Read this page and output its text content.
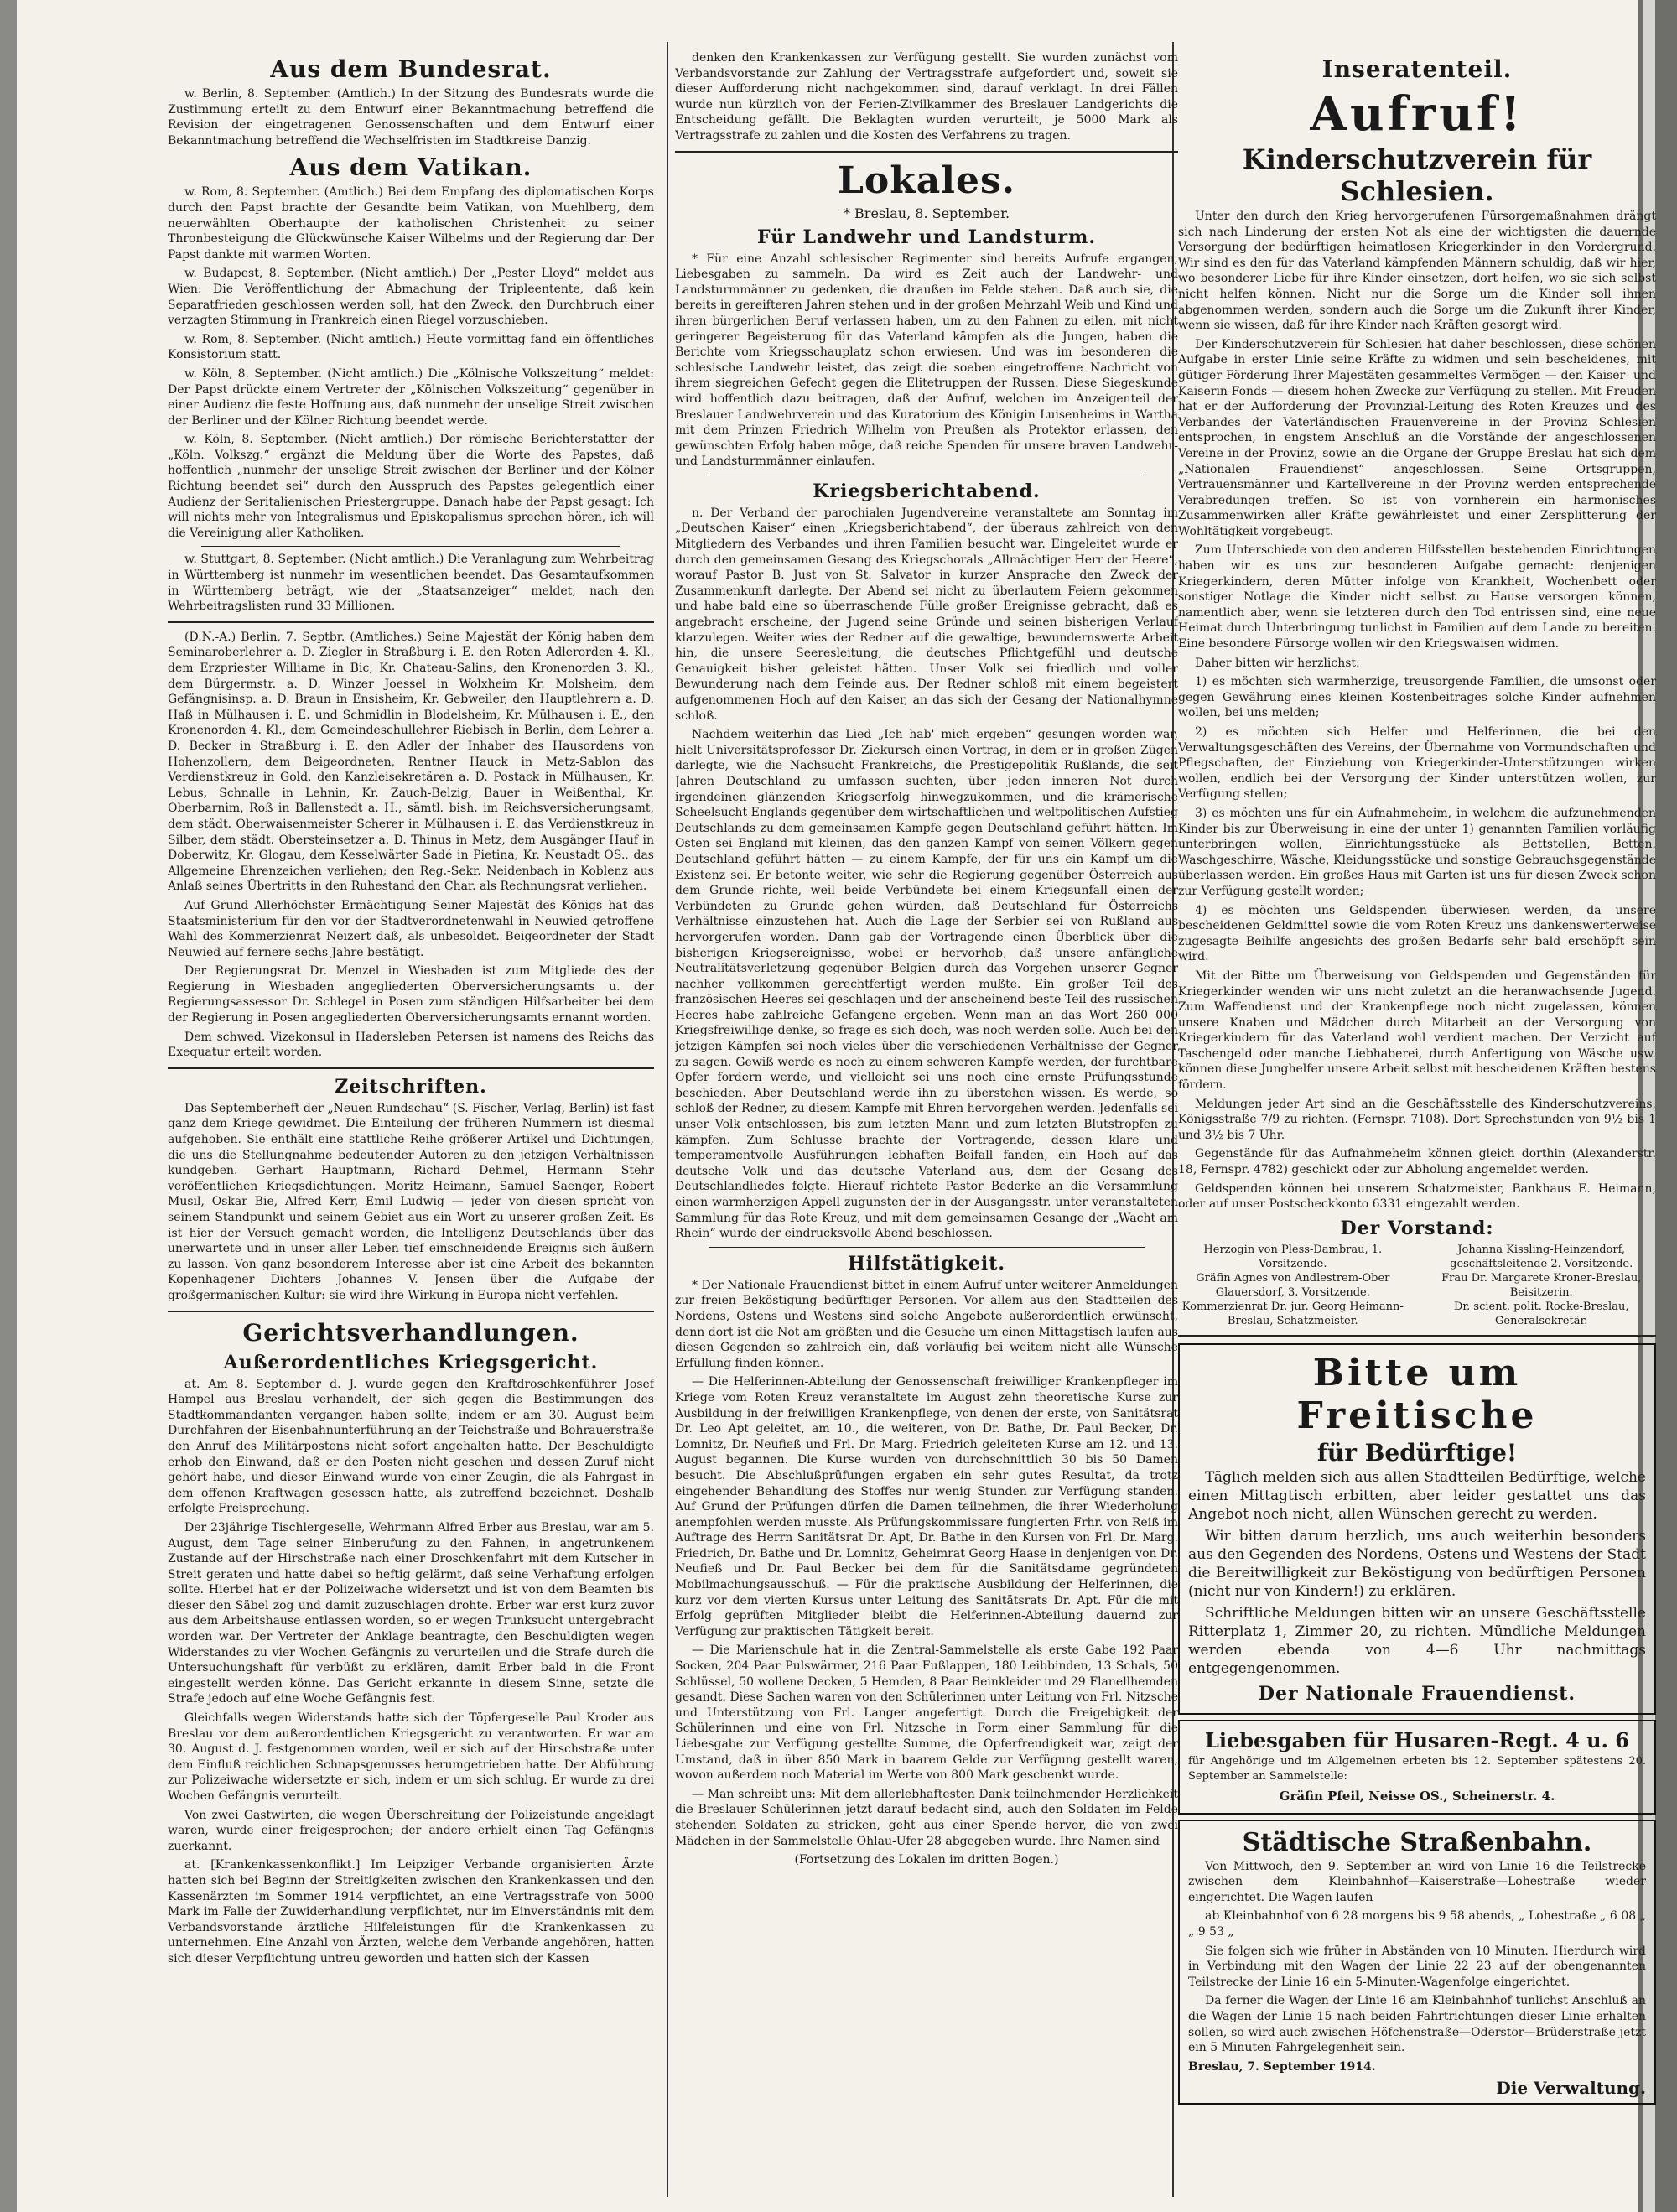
Aus dem Bundesrat.

w. Berlin, 8. September. (Amtlich.) In der Sitzung des Bundesrats wurde die Zustimmung erteilt zu dem Entwurf einer Bekanntmachung betreffend die Revision der eingetragenen Genossenschaften und dem Entwurf einer Bekanntmachung betreffend die Wechselfristen im Stadtkreise Danzig.

Aus dem Vatikan.

w. Rom, 8. September. (Amtlich.) Bei dem Empfang des diplomatischen Korps durch den Papst brachte der Gesandte beim Vatikan, von Muehlberg, dem neuerwählten Oberhaupte der katholischen Christenheit zu seiner Thronbesteigung die Glückwünsche Kaiser Wilhelms und der Regierung dar. Der Papst dankte mit warmen Worten.

w. Budapest, 8. September. (Nicht amtlich.) Der „Pester Lloyd“ meldet aus Wien: Die Veröffentlichung der Abmachung der Tripleentente, daß kein Separatfrieden geschlossen werden soll, hat den Zweck, den Durchbruch einer verzagten Stimmung in Frankreich einen Riegel vorzuschieben.

w. Rom, 8. September. (Nicht amtlich.) Heute vormittag fand ein öffentliches Konsistorium statt.

w. Köln, 8. September. (Nicht amtlich.) Die „Kölnische Volkszeitung“ meldet: Der Papst drückte einem Vertreter der „Kölnischen Volkszeitung“ gegenüber in einer Audienz die feste Hoffnung aus, daß nunmehr der unselige Streit zwischen der Berliner und der Kölner Richtung beendet werde.

w. Köln, 8. September. (Nicht amtlich.) Der römische Berichterstatter der „Köln. Volkszg.“ ergänzt die Meldung über die Worte des Papstes, daß hoffentlich „nunmehr der unselige Streit zwischen der Berliner und der Kölner Richtung beendet sei“ durch den Ausspruch des Papstes gelegentlich einer Audienz der Seritalienischen Priestergruppe. Danach habe der Papst gesagt: Ich will nichts mehr von Integralismus und Episkopalismus sprechen hören, ich will die Vereinigung aller Katholiken.

w. Stuttgart, 8. September. (Nicht amtlich.) Die Veranlagung zum Wehrbeitrag in Württemberg ist nunmehr im wesentlichen beendet. Das Gesamtaufkommen in Württemberg beträgt, wie der „Staatsanzeiger“ meldet, nach den Wehrbeitragslisten rund 33 Millionen.

(D.N.-A.) Berlin, 7. Septbr. (Amtliches.) Seine Majestät der König haben dem Seminaroberlehrer a. D. Ziegler in Straßburg i. E. den Roten Adlerorden 4. Kl., dem Erzpriester Williame in Bic, Kr. Chateau-Salins, den Kronenorden 3. Kl., dem Bürgermstr. a. D. Winzer Joessel in Wolxheim Kr. Molsheim, dem Gefängnisinsp. a. D. Braun in Ensisheim, Kr. Gebweiler, den Hauptlehrern a. D. Haß in Mülhausen i. E. und Schmidlin in Blodelsheim, Kr. Mülhausen i. E., den Kronenorden 4. Kl., dem Gemeindeschullehrer Riebisch in Berlin, dem Lehrer a. D. Becker in Straßburg i. E. den Adler der Inhaber des Hausordens von Hohenzollern, dem Beigeordneten, Rentner Hauck in Metz-Sablon das Verdienstkreuz in Gold, den Kanzleisekretären a. D. Postack in Mülhausen, Kr. Lebus, Schnalle in Lehnin, Kr. Zauch-Belzig, Bauer in Weißenthal, Kr. Oberbarnim, Roß in Ballenstedt a. H., sämtl. bish. im Reichsversicherungsamt, dem städt. Oberwaisenmeister Scherer in Mülhausen i. E. das Verdienstkreuz in Silber, dem städt. Obersteinsetzer a. D. Thinus in Metz, dem Ausgänger Hauf in Doberwitz, Kr. Glogau, dem Kesselwärter Sadé in Pietina, Kr. Neustadt OS., das Allgemeine Ehrenzeichen verliehen; den Reg.-Sekr. Neidenbach in Koblenz aus Anlaß seines Übertritts in den Ruhestand den Char. als Rechnungsrat verliehen.

Auf Grund Allerhöchster Ermächtigung Seiner Majestät des Königs hat das Staatsministerium für den vor der Stadtverordnetenwahl in Neuwied getroffene Wahl des Kommerzienrat Neizert daß, als unbesoldet. Beigeordneter der Stadt Neuwied auf fernere sechs Jahre bestätigt.

Der Regierungsrat Dr. Menzel in Wiesbaden ist zum Mitgliede des der Regierung in Wiesbaden angegliederten Oberversicherungsamts u. der Regierungsassessor Dr. Schlegel in Posen zum ständigen Hilfsarbeiter bei dem der Regierung in Posen angegliederten Oberversicherungsamts ernannt worden.

Dem schwed. Vizekonsul in Hadersleben Petersen ist namens des Reichs das Exequatur erteilt worden.

Zeitschriften.

Das Septemberheft der „Neuen Rundschau“ (S. Fischer, Verlag, Berlin) ist fast ganz dem Kriege gewidmet. Die Einteilung der früheren Nummern ist diesmal aufgehoben. Sie enthält eine stattliche Reihe größerer Artikel und Dichtungen, die uns die Stellungnahme bedeutender Autoren zu den jetzigen Verhältnissen kundgeben. Gerhart Hauptmann, Richard Dehmel, Hermann Stehr veröffentlichen Kriegsdichtungen. Moritz Heimann, Samuel Saenger, Robert Musil, Oskar Bie, Alfred Kerr, Emil Ludwig — jeder von diesen spricht von seinem Standpunkt und seinem Gebiet aus ein Wort zu unserer großen Zeit. Es ist hier der Versuch gemacht worden, die Intelligenz Deutschlands über das unerwartete und in unser aller Leben tief einschneidende Ereignis sich äußern zu lassen. Von ganz besonderem Interesse aber ist eine Arbeit des bekannten Kopenhagener Dichters Johannes V. Jensen über die Aufgabe der großgermanischen Kultur: sie wird ihre Wirkung in Europa nicht verfehlen.

Gerichtsverhandlungen.
Außerordentliches Kriegsgericht.

at. Am 8. September d. J. wurde gegen den Kraftdroschkenführer Josef Hampel aus Breslau verhandelt, der sich gegen die Bestimmungen des Stadtkommandanten vergangen haben sollte, indem er am 30. August beim Durchfahren der Eisenbahnunterführung an der Teichstraße und Bohrauerstraße den Anruf des Militärpostens nicht sofort angehalten hatte. Der Beschuldigte erhob den Einwand, daß er den Posten nicht gesehen und dessen Zuruf nicht gehört habe, und dieser Einwand wurde von einer Zeugin, die als Fahrgast in dem offenen Kraftwagen gesessen hatte, als zutreffend bezeichnet. Deshalb erfolgte Freisprechung.

Der 23jährige Tischlergeselle, Wehrmann Alfred Erber aus Breslau, war am 5. August, dem Tage seiner Einberufung zu den Fahnen, in angetrunkenem Zustande auf der Hirschstraße nach einer Droschkenfahrt mit dem Kutscher in Streit geraten und hatte dabei so heftig gelärmt, daß seine Verhaftung erfolgen sollte. Hierbei hat er der Polizeiwache widersetzt und ist von dem Beamten bis dieser den Säbel zog und damit zuzuschlagen drohte. Erber war erst kurz zuvor aus dem Arbeitshause entlassen worden, so er wegen Trunksucht untergebracht worden war. Der Vertreter der Anklage beantragte, den Beschuldigten wegen Widerstandes zu vier Wochen Gefängnis zu verurteilen und die Strafe durch die Untersuchungshaft für verbüßt zu erklären, damit Erber bald in die Front eingestellt werden könne. Das Gericht erkannte in diesem Sinne, setzte die Strafe jedoch auf eine Woche Gefängnis fest.

Gleichfalls wegen Widerstands hatte sich der Töpfergeselle Paul Kroder aus Breslau vor dem außerordentlichen Kriegsgericht zu verantworten. Er war am 30. August d. J. festgenommen worden, weil er sich auf der Hirschstraße unter dem Einfluß reichlichen Schnapsgenusses herumgetrieben hatte. Der Abführung zur Polizeiwache widersetzte er sich, indem er um sich schlug. Er wurde zu drei Wochen Gefängnis verurteilt.

Von zwei Gastwirten, die wegen Überschreitung der Polizeistunde angeklagt waren, wurde einer freigesprochen; der andere erhielt einen Tag Gefängnis zuerkannt.

at. [Krankenkassenkonflikt.] Im Leipziger Verbande organisierten Ärzte hatten sich bei Beginn der Streitigkeiten zwischen den Krankenkassen und den Kassenärzten im Sommer 1914 verpflichtet, an eine Vertragsstrafe von 5000 Mark im Falle der Zuwiderhandlung verpflichtet, nur im Einverständnis mit dem Verbandsvorstande ärztliche Hilfeleistungen für die Krankenkassen zu unternehmen. Eine Anzahl von Ärzten, welche dem Verbande angehören, hatten sich dieser Verpflichtung untreu geworden und hatten sich der Kassen

denken den Krankenkassen zur Verfügung gestellt. Sie wurden zunächst vom Verbandsvorstande zur Zahlung der Vertragsstrafe aufgefordert und, soweit sie dieser Aufforderung nicht nachgekommen sind, darauf verklagt. In drei Fällen wurde nun kürzlich von der Ferien-Zivilkammer des Breslauer Landgerichts die Entscheidung gefällt. Die Beklagten wurden verurteilt, je 5000 Mark als Vertragsstrafe zu zahlen und die Kosten des Verfahrens zu tragen.

Lokales.
* Breslau, 8. September.
Für Landwehr und Landsturm.

* Für eine Anzahl schlesischer Regimenter sind bereits Aufrufe ergangen, Liebesgaben zu sammeln. Da wird es Zeit auch der Landwehr- und Landsturmmänner zu gedenken, die draußen im Felde stehen. Daß auch sie, die bereits in gereifteren Jahren stehen und in der großen Mehrzahl Weib und Kind und ihren bürgerlichen Beruf verlassen haben, um zu den Fahnen zu eilen, mit nicht geringerer Begeisterung für das Vaterland kämpfen als die Jungen, haben die Berichte vom Kriegsschauplatz schon erwiesen. Und was im besonderen die schlesische Landwehr leistet, das zeigt die soeben eingetroffene Nachricht von ihrem siegreichen Gefecht gegen die Elitetruppen der Russen. Diese Siegeskunde wird hoffentlich dazu beitragen, daß der Aufruf, welchen im Anzeigenteil der Breslauer Landwehrverein und das Kuratorium des Königin Luisenheims in Wartha mit dem Prinzen Friedrich Wilhelm von Preußen als Protektor erlassen, den gewünschten Erfolg haben möge, daß reiche Spenden für unsere braven Landwehr- und Landsturmmänner einlaufen.

Kriegsberichtabend.

n. Der Verband der parochialen Jugendvereine veranstaltete am Sonntag im „Deutschen Kaiser“ einen „Kriegsberichtabend“, der überaus zahlreich von den Mitgliedern des Verbandes und ihren Familien besucht war. Eingeleitet wurde er durch den gemeinsamen Gesang des Kriegschorals „Allmächtiger Herr der Heere“, worauf Pastor B. Just von St. Salvator in kurzer Ansprache den Zweck der Zusammenkunft darlegte. Der Abend sei nicht zu überlautem Feiern gekommen und habe bald eine so überraschende Fülle großer Ereignisse gebracht, daß es angebracht erscheine, der Jugend seine Gründe und seinen bisherigen Verlauf klarzulegen. Weiter wies der Redner auf die gewaltige, bewundernswerte Arbeit hin, die unsere Seeresleitung, die deutsches Pflichtgefühl und deutsche Genauigkeit bisher geleistet hätten. Unser Volk sei friedlich und voller Bewunderung nach dem Feinde aus. Der Redner schloß mit einem begeistert aufgenommenen Hoch auf den Kaiser, an das sich der Gesang der Nationalhymne schloß.

Nachdem weiterhin das Lied „Ich hab' mich ergeben“ gesungen worden war, hielt Universitätsprofessor Dr. Ziekursch einen Vortrag, in dem er in großen Zügen darlegte, wie die Nachsucht Frankreichs, die Prestigepolitik Rußlands, die seit Jahren Deutschland zu umfassen suchten, über jeden inneren Not durch irgendeinen glänzenden Kriegserfolg hinwegzukommen, und die krämerische Scheelsucht Englands gegenüber dem wirtschaftlichen und weltpolitischen Aufstieg Deutschlands zu dem gemeinsamen Kampfe gegen Deutschland geführt hätten. Im Osten sei England mit kleinen, das den ganzen Kampf von seinen Völkern gegen Deutschland geführt hätten — zu einem Kampfe, der für uns ein Kampf um die Existenz sei. Er betonte weiter, wie sehr die Regierung gegenüber Österreich aus dem Grunde richte, weil beide Verbündete bei einem Kriegsunfall einen der Verbündeten zu Grunde gehen würden, daß Deutschland für Österreichs Verhältnisse einzustehen hat. Auch die Lage der Serbier sei von Rußland aus hervorgerufen worden. Dann gab der Vortragende einen Überblick über die bisherigen Kriegsereignisse, wobei er hervorhob, daß unsere anfängliche Neutralitätsverletzung gegenüber Belgien durch das Vorgehen unserer Gegner nachher vollkommen gerechtfertigt werden mußte. Ein großer Teil des französischen Heeres sei geschlagen und der anscheinend beste Teil des russischen Heeres habe zahlreiche Gefangene ergeben. Wenn man an das Wort 260 000 Kriegsfreiwillige denke, so frage es sich doch, was noch werden solle. Auch bei den jetzigen Kämpfen sei noch vieles über die verschiedenen Verhältnisse der Gegner zu sagen. Gewiß werde es noch zu einem schweren Kampfe werden, der furchtbare Opfer fordern werde, und vielleicht sei uns noch eine ernste Prüfungsstunde beschieden. Aber Deutschland werde ihn zu überstehen wissen. Es werde, so schloß der Redner, zu diesem Kampfe mit Ehren hervorgehen werden. Jedenfalls sei unser Volk entschlossen, bis zum letzten Mann und zum letzten Blutstropfen zu kämpfen. Zum Schlusse brachte der Vortragende, dessen klare und temperamentvolle Ausführungen lebhaften Beifall fanden, ein Hoch auf das deutsche Volk und das deutsche Vaterland aus, dem der Gesang des Deutschlandliedes folgte. Hierauf richtete Pastor Bederke an die Versammlung einen warmherzigen Appell zugunsten der in der Ausgangsstr. unter veranstalteten Sammlung für das Rote Kreuz, und mit dem gemeinsamen Gesange der „Wacht am Rhein“ wurde der eindrucksvolle Abend beschlossen.

Hilfstätigkeit.

* Der Nationale Frauendienst bittet in einem Aufruf unter weiterer Anmeldungen zur freien Beköstigung bedürftiger Personen. Vor allem aus den Stadtteilen des Nordens, Ostens und Westens sind solche Angebote außerordentlich erwünscht, denn dort ist die Not am größten und die Gesuche um einen Mittagstisch laufen aus diesen Gegenden so zahlreich ein, daß vorläufig bei weitem nicht alle Wünsche Erfüllung finden können.

— Die Helferinnen-Abteilung der Genossenschaft freiwilliger Krankenpfleger im Kriege vom Roten Kreuz veranstaltete im August zehn theoretische Kurse zur Ausbildung in der freiwilligen Krankenpflege, von denen der erste, von Sanitätsrat Dr. Leo Apt geleitet, am 10., die weiteren, von Dr. Bathe, Dr. Paul Becker, Dr. Lomnitz, Dr. Neufieß und Frl. Dr. Marg. Friedrich geleiteten Kurse am 12. und 13. August begannen. Die Kurse wurden von durchschnittlich 30 bis 50 Damen besucht. Die Abschlußprüfungen ergaben ein sehr gutes Resultat, da trotz eingehender Behandlung des Stoffes nur wenig Stunden zur Verfügung standen. Auf Grund der Prüfungen dürfen die Damen teilnehmen, die ihrer Wiederholung anempfohlen werden musste. Als Prüfungskommissare fungierten Frhr. von Reiß im Auftrage des Herrn Sanitätsrat Dr. Apt, Dr. Bathe in den Kursen von Frl. Dr. Marg. Friedrich, Dr. Bathe und Dr. Lomnitz, Geheimrat Georg Haase in denjenigen von Dr. Neufieß und Dr. Paul Becker bei dem für die Sanitätsdame gegründeten Mobilmachungsausschuß. — Für die praktische Ausbildung der Helferinnen, die kurz vor dem vierten Kursus unter Leitung des Sanitätsrats Dr. Apt. Für die mit Erfolg geprüften Mitglieder bleibt die Helferinnen-Abteilung dauernd zur Verfügung zur praktischen Tätigkeit bereit.

— Die Marienschule hat in die Zentral-Sammelstelle als erste Gabe 192 Paar Socken, 204 Paar Pulswärmer, 216 Paar Fußlappen, 180 Leibbinden, 13 Schals, 50 Schlüssel, 50 wollene Decken, 5 Hemden, 8 Paar Beinkleider und 29 Flanellhemden gesandt. Diese Sachen waren von den Schülerinnen unter Leitung von Frl. Nitzsche und Unterstützung von Frl. Langer angefertigt. Durch die Freigebigkeit der Schülerinnen und eine von Frl. Nitzsche in Form einer Sammlung für die Liebesgabe zur Verfügung gestellte Summe, die Opferfreudigkeit war, zeigt der Umstand, daß in über 850 Mark in baarem Gelde zur Verfügung gestellt waren, wovon außerdem noch Material im Werte von 800 Mark geschenkt wurde.

— Man schreibt uns: Mit dem allerlebhaftesten Dank teilnehmender Herzlichkeit die Breslauer Schülerinnen jetzt darauf bedacht sind, auch den Soldaten im Felde stehenden Soldaten zu stricken, geht aus einer Spende hervor, die von zwei Mädchen in der Sammelstelle Ohlau-Ufer 28 abgegeben wurde. Ihre Namen sind

(Fortsetzung des Lokalen im dritten Bogen.)

Inseratenteil.
Aufruf!
Kinderschutzverein für Schlesien.

Unter den durch den Krieg hervorgerufenen Fürsorgemaßnahmen drängt sich nach Linderung der ersten Not als eine der wichtigsten die dauernde Versorgung der bedürftigen heimatlosen Kriegerkinder in den Vordergrund. Wir sind es den für das Vaterland kämpfenden Männern schuldig, daß wir hier, wo besonderer Liebe für ihre Kinder einsetzen, dort helfen, wo sie sich selbst nicht helfen können. Nicht nur die Sorge um die Kinder soll ihnen abgenommen werden, sondern auch die Sorge um die Zukunft ihrer Kinder, wenn sie wissen, daß für ihre Kinder nach Kräften gesorgt wird.

Der Kinderschutzverein für Schlesien hat daher beschlossen, diese schönen Aufgabe in erster Linie seine Kräfte zu widmen und sein bescheidenes, mit gütiger Förderung Ihrer Majestäten gesammeltes Vermögen — den Kaiser- und Kaiserin-Fonds — diesem hohen Zwecke zur Verfügung zu stellen. Mit Freuden hat er der Aufforderung der Provinzial-Leitung des Roten Kreuzes und des Verbandes der Vaterländischen Frauenvereine in der Provinz Schlesien entsprochen, in engstem Anschluß an die Vorstände der angeschlossenen Vereine in der Provinz, sowie an die Organe der Gruppe Breslau hat sich dem „Nationalen Frauendienst“ angeschlossen. Seine Ortsgruppen, Vertrauensmänner und Kartellvereine in der Provinz werden entsprechende Verabredungen treffen. So ist von vornherein ein harmonisches Zusammenwirken aller Kräfte gewährleistet und einer Zersplitterung der Wohltätigkeit vorgebeugt.

Zum Unterschiede von den anderen Hilfsstellen bestehenden Einrichtungen haben wir es uns zur besonderen Aufgabe gemacht: denjenigen Kriegerkindern, deren Mütter infolge von Krankheit, Wochenbett oder sonstiger Notlage die Kinder nicht selbst zu Hause versorgen können, namentlich aber, wenn sie letzteren durch den Tod entrissen sind, eine neue Heimat durch Unterbringung tunlichst in Familien auf dem Lande zu bereiten. Eine besondere Fürsorge wollen wir den Kriegswaisen widmen.

Daher bitten wir herzlichst:

1) es möchten sich warmherzige, treusorgende Familien, die umsonst oder gegen Gewährung eines kleinen Kostenbeitrages solche Kinder aufnehmen wollen, bei uns melden;

2) es möchten sich Helfer und Helferinnen, die bei den Verwaltungsgeschäften des Vereins, der Übernahme von Vormundschaften und Pflegschaften, der Einziehung von Kriegerkinder-Unterstützungen wirken wollen, endlich bei der Versorgung der Kinder unterstützen wollen, zur Verfügung stellen;

3) es möchten uns für ein Aufnahmeheim, in welchem die aufzunehmenden Kinder bis zur Überweisung in eine der unter 1) genannten Familien vorläufig unterbringen wollen, Einrichtungsstücke als Bettstellen, Betten, Waschgeschirre, Wäsche, Kleidungsstücke und sonstige Gebrauchsgegenstände überlassen werden. Ein großes Haus mit Garten ist uns für diesen Zweck schon zur Verfügung gestellt worden;

4) es möchten uns Geldspenden überwiesen werden, da unsere bescheidenen Geldmittel sowie die vom Roten Kreuz uns dankenswerterweise zugesagte Beihilfe angesichts des großen Bedarfs sehr bald erschöpft sein wird.

Mit der Bitte um Überweisung von Geldspenden und Gegenständen für Kriegerkinder wenden wir uns nicht zuletzt an die heranwachsende Jugend. Zum Waffendienst und der Krankenpflege noch nicht zugelassen, können unsere Knaben und Mädchen durch Mitarbeit an der Versorgung von Kriegerkindern für das Vaterland wohl verdient machen. Der Verzicht auf Taschengeld oder manche Liebhaberei, durch Anfertigung von Wäsche usw. können diese Junghelfer unsere Arbeit selbst mit bescheidenen Kräften bestens fördern.

Meldungen jeder Art sind an die Geschäftsstelle des Kinderschutzvereins, Königsstraße 7/9 zu richten. (Fernspr. 7108). Dort Sprechstunden von 9½ bis 1 und 3½ bis 7 Uhr.

Gegenstände für das Aufnahmeheim können gleich dorthin (Alexanderstr. 18, Fernspr. 4782) geschickt oder zur Abholung angemeldet werden.

Geldspenden können bei unserem Schatzmeister, Bankhaus E. Heimann, oder auf unser Postscheckkonto 6331 eingezahlt werden.

Der Vorstand:
Herzogin von Pless-Dambrau, 1. Vorsitzende.
Johanna Kissling-Heinzendorf, geschäftsleitende 2. Vorsitzende.
Gräfin Agnes von Andlestrem-Ober Glauersdorf, 3. Vorsitzende.
Frau Dr. Margarete Kroner-Breslau, Beisitzerin.
Kommerzienrat Dr. jur. Georg Heimann-Breslau, Schatzmeister.
Dr. scient. polit. Rocke-Breslau, Generalsekretär.
Bitte um Freitische
für Bedürftige!

Täglich melden sich aus allen Stadtteilen Bedürftige, welche einen Mittagtisch erbitten, aber leider gestattet uns das Angebot noch nicht, allen Wünschen gerecht zu werden.

Wir bitten darum herzlich, uns auch weiterhin besonders aus den Gegenden des Nordens, Ostens und Westens der Stadt die Bereitwilligkeit zur Beköstigung von bedürftigen Personen (nicht nur von Kindern!) zu erklären.

Schriftliche Meldungen bitten wir an unsere Geschäftsstelle Ritterplatz 1, Zimmer 20, zu richten. Mündliche Meldungen werden ebenda von 4—6 Uhr nachmittags entgegengenommen.

Der Nationale Frauendienst.
Liebesgaben für Husaren-Regt. 4 u. 6

für Angehörige und im Allgemeinen erbeten bis 12. September spätestens 20. September an Sammelstelle:

Gräfin Pfeil, Neisse OS., Scheinerstr. 4.

Städtische Straßenbahn.

Von Mittwoch, den 9. September an wird von Linie 16 die Teilstrecke zwischen dem Kleinbahnhof—Kaiserstraße—Lohestraße wieder eingerichtet. Die Wagen laufen

ab Kleinbahnhof von 6 28 morgens bis 9 58 abends, „ Lohestraße „ 6 08 „ „ 9 53 „

Sie folgen sich wie früher in Abständen von 10 Minuten. Hierdurch wird in Verbindung mit den Wagen der Linie 22 23 auf der obengenannten Teilstrecke der Linie 16 ein 5-Minuten-Wagenfolge eingerichtet.

Da ferner die Wagen der Linie 16 am Kleinbahnhof tunlichst Anschluß an die Wagen der Linie 15 nach beiden Fahrtrichtungen dieser Linie erhalten sollen, so wird auch zwischen Höfchenstraße—Oderstor—Brüderstraße jetzt ein 5 Minuten-Fahrgelegenheit sein.

Breslau, 7. September 1914.

Die Verwaltung.
